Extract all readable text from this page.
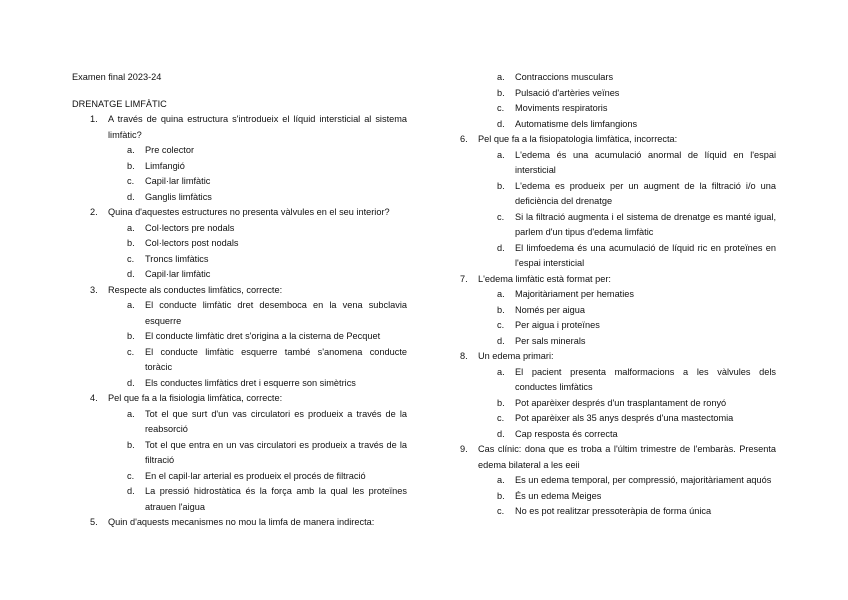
Examen final 2023-24
DRENATGE LIMFÀTIC
1.	A través de quina estructura s'introdueix el líquid intersticial al sistema limfàtic?
a.	Pre colector
b.	Limfangió
c.	Capil·lar limfàtic
d.	Ganglis limfàtics
2.	Quina d'aquestes estructures no presenta vàlvules en el seu interior?
a.	Col·lectors pre nodals
b.	Col·lectors post nodals
c.	Troncs limfàtics
d.	Capil·lar limfàtic
3.	Respecte als conductes limfàtics, correcte:
a.	El conducte limfàtic dret desemboca en la vena subclavia esquerre
b.	El conducte limfàtic dret s'origina a la cisterna de Pecquet
c.	El conducte limfàtic esquerre també s'anomena conducte toràcic
d.	Els conductes limfàtics dret i esquerre son simètrics
4.	Pel que fa a la fisiologia limfàtica, correcte:
a.	Tot el que surt d'un vas circulatori es produeix a través de la reabsorció
b.	Tot el que entra en un vas circulatori es produeix a través de la filtració
c.	En el capil·lar arterial es produeix el procés de filtració
d.	La pressió hidrostàtica és la força amb la qual les proteïnes atrauen l'aigua
5.	Quin d'aquests mecanismes no mou la limfa de manera indirecta:
a.	Contraccions musculars
b.	Pulsació d'artèries veïnes
c.	Moviments respiratoris
d.	Automatisme dels limfangions
6.	Pel que fa a la fisiopatologia limfàtica, incorrecta:
a.	L'edema és una acumulació anormal de líquid en l'espai intersticial
b.	L'edema es produeix per un augment de la filtració i/o una deficiència del drenatge
c.	Si la filtració augmenta i el sistema de drenatge es manté igual, parlem d'un tipus d'edema limfàtic
d.	El limfoedema és una acumulació de líquid ric en proteïnes en l'espai intersticial
7.	L'edema limfàtic està format per:
a.	Majoritàriament per hematies
b.	Només per aigua
c.	Per aigua i proteïnes
d.	Per sals minerals
8.	Un edema primari:
a.	El pacient presenta malformacions a les vàlvules dels conductes limfàtics
b.	Pot aparèixer després d'un trasplantament de ronyó
c.	Pot aparèixer als 35 anys després d'una mastectomia
d.	Cap resposta és correcta
9.	Cas clínic: dona que es troba a l'últim trimestre de l'embaràs. Presenta edema bilateral a les eeii
a.	Es un edema temporal, per compressió, majoritàriament aquós
b.	És un edema Meiges
c.	No es pot realitzar pressoteràpia de forma única
